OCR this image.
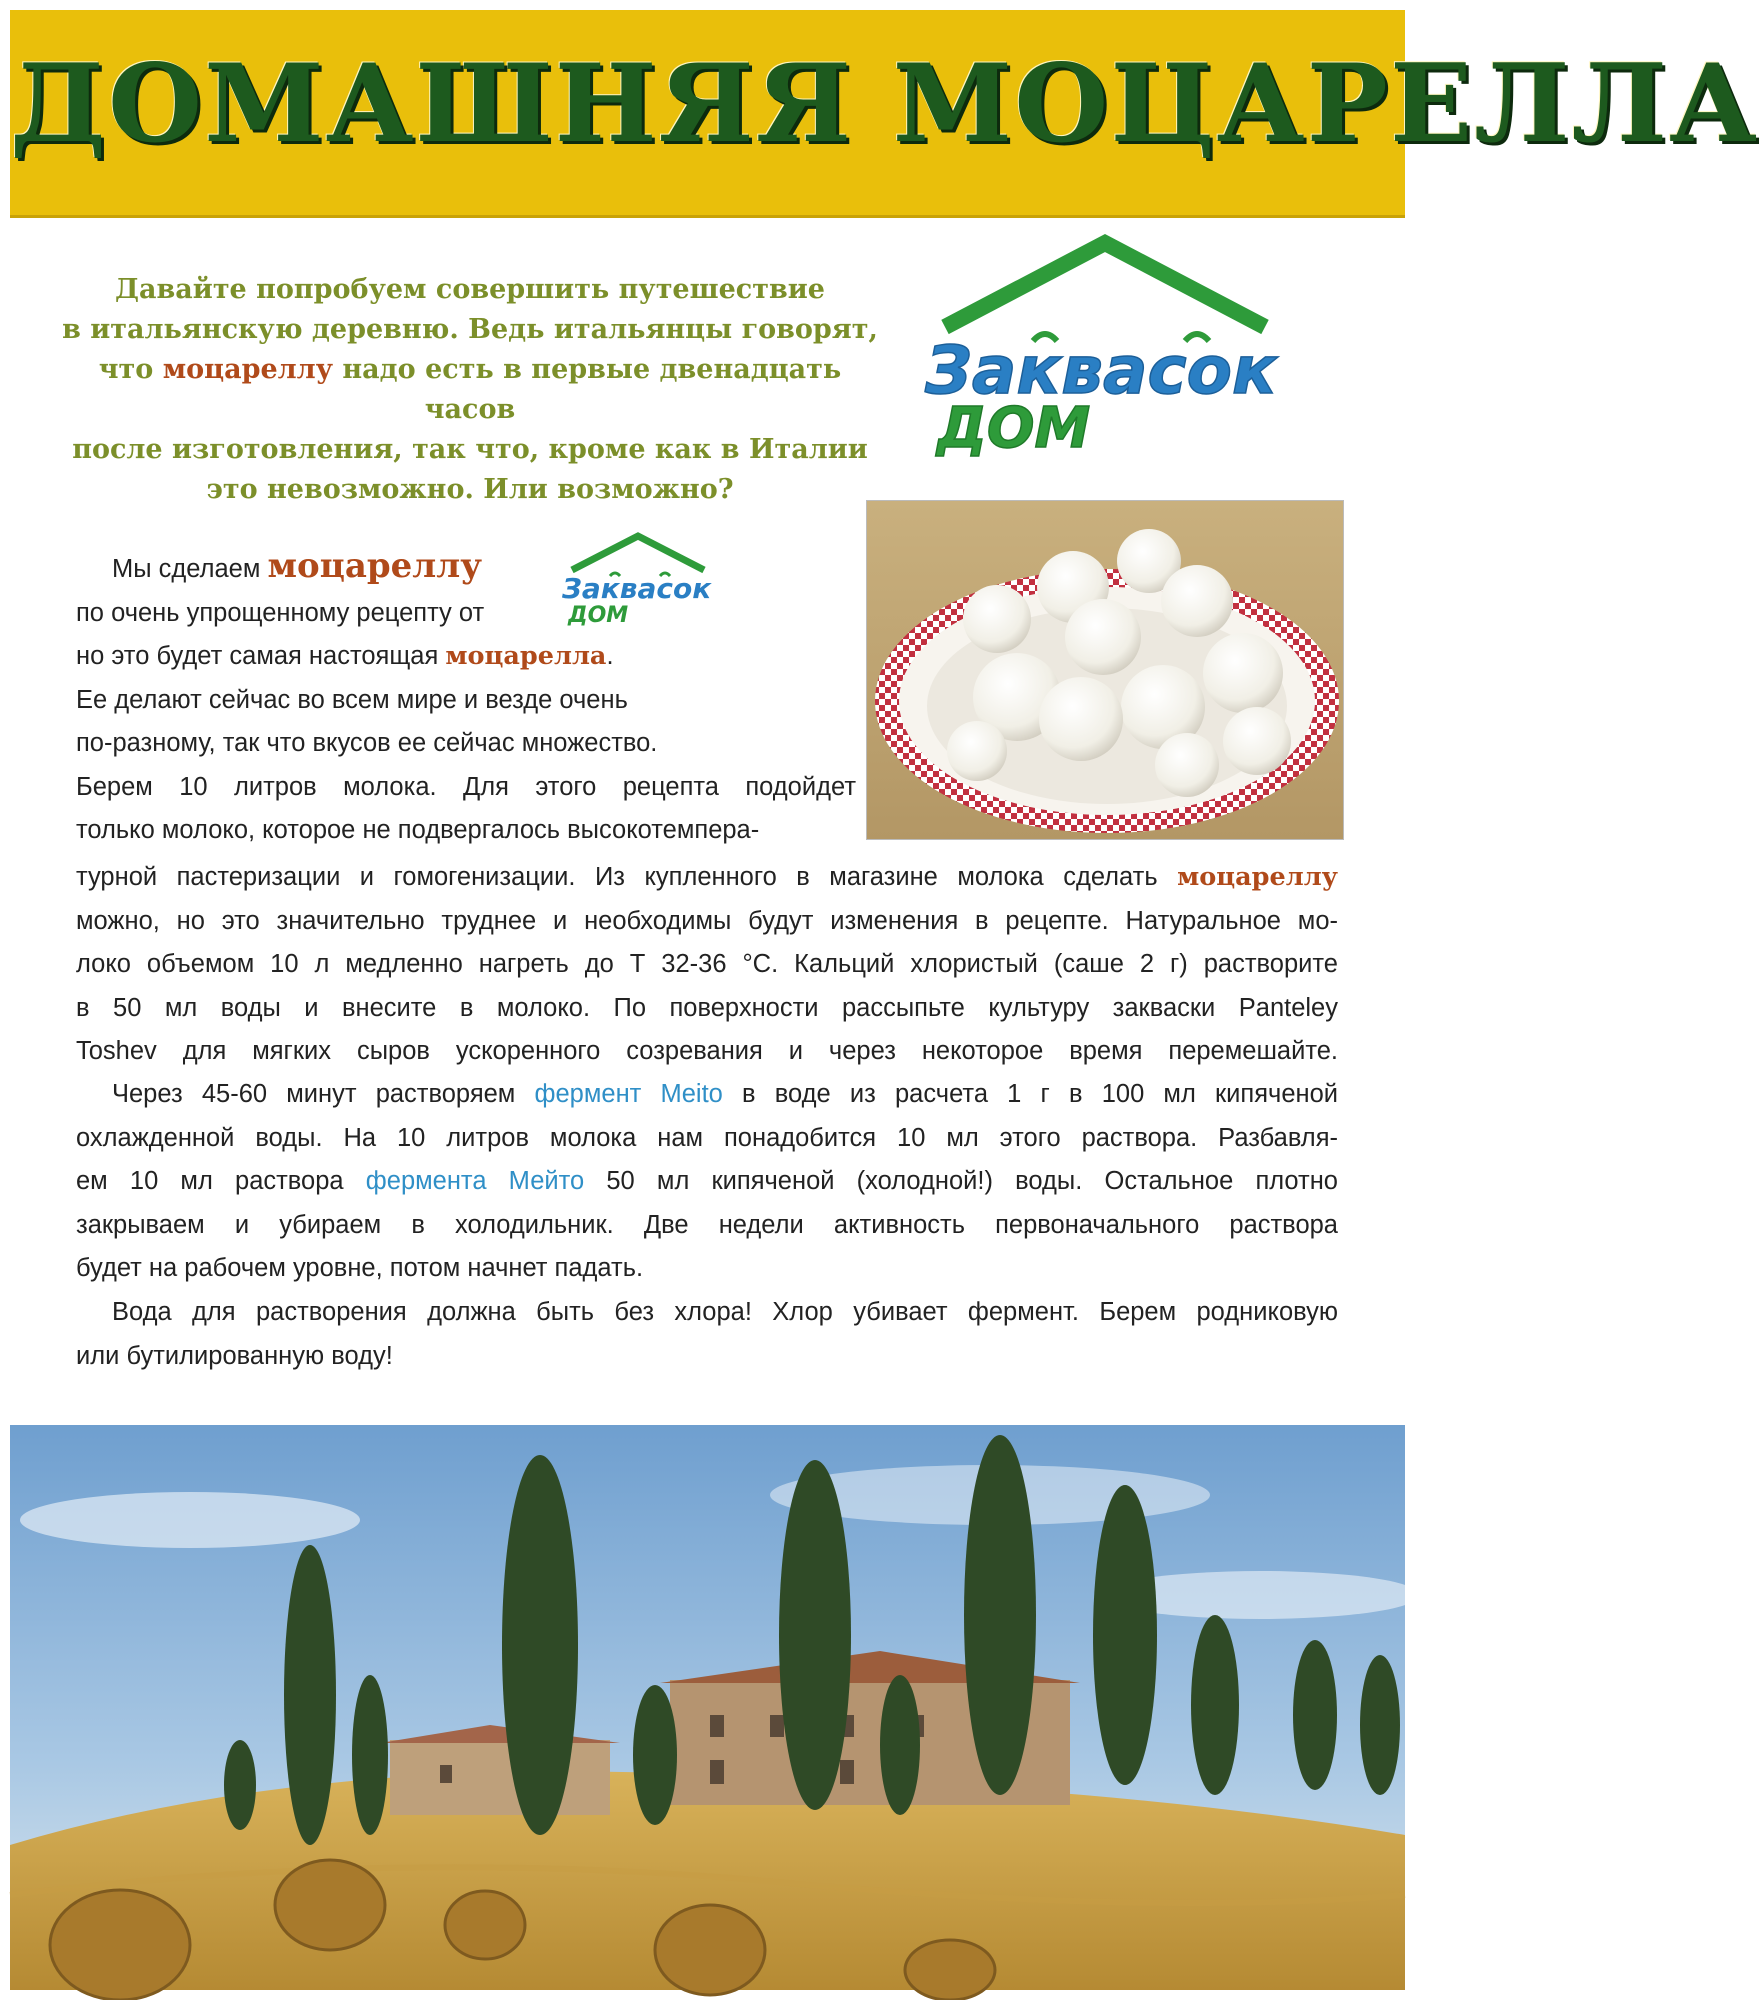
ДОМАШНЯЯ МОЦАРЕЛЛА
Давайте попробуем совершить путешествие
в итальянскую деревню. Ведь итальянцы говорят,
что моцареллу надо есть в первые двенадцать часов
после изготовления, так что, кроме как в Италии
это невозможно. Или возможно?
Заквасок
ДОМ
Заквасок
ДОМ
Мы сделаем моцареллу
по очень упрощенному рецепту от
но это будет самая настоящая моцарелла.
Ее делают сейчас во всем мире и везде очень
по-разному, так что вкусов ее сейчас множество.
Берем 10 литров молока. Для этого рецепта подойдет
только молоко, которое не подвергалось высокотемпера-
турной пастеризации и гомогенизации. Из купленного в магазине молока сделать моцареллу
можно, но это значительно труднее и необходимы будут изменения в рецепте. Натуральное мо-
локо объемом 10 л медленно нагреть до Т 32-36 °С. Кальций хлористый (саше 2 г) растворите
в 50 мл воды и внесите в молоко. По поверхности рассыпьте культуру закваски Panteley
Toshev для мягких сыров ускоренного созревания и через некоторое время перемешайте.
Через 45-60 минут растворяем фермент Meito в воде из расчета 1 г в 100 мл кипяченой
охлажденной воды. На 10 литров молока нам понадобится 10 мл этого раствора. Разбавля-
ем 10 мл раствора фермента Мейто 50 мл кипяченой (холодной!) воды. Остальное плотно
закрываем и убираем в холодильник. Две недели активность первоначального раствора
будет на рабочем уровне, потом начнет падать.
Вода для растворения должна быть без хлора! Хлор убивает фермент. Берем родниковую
или бутилированную воду!
